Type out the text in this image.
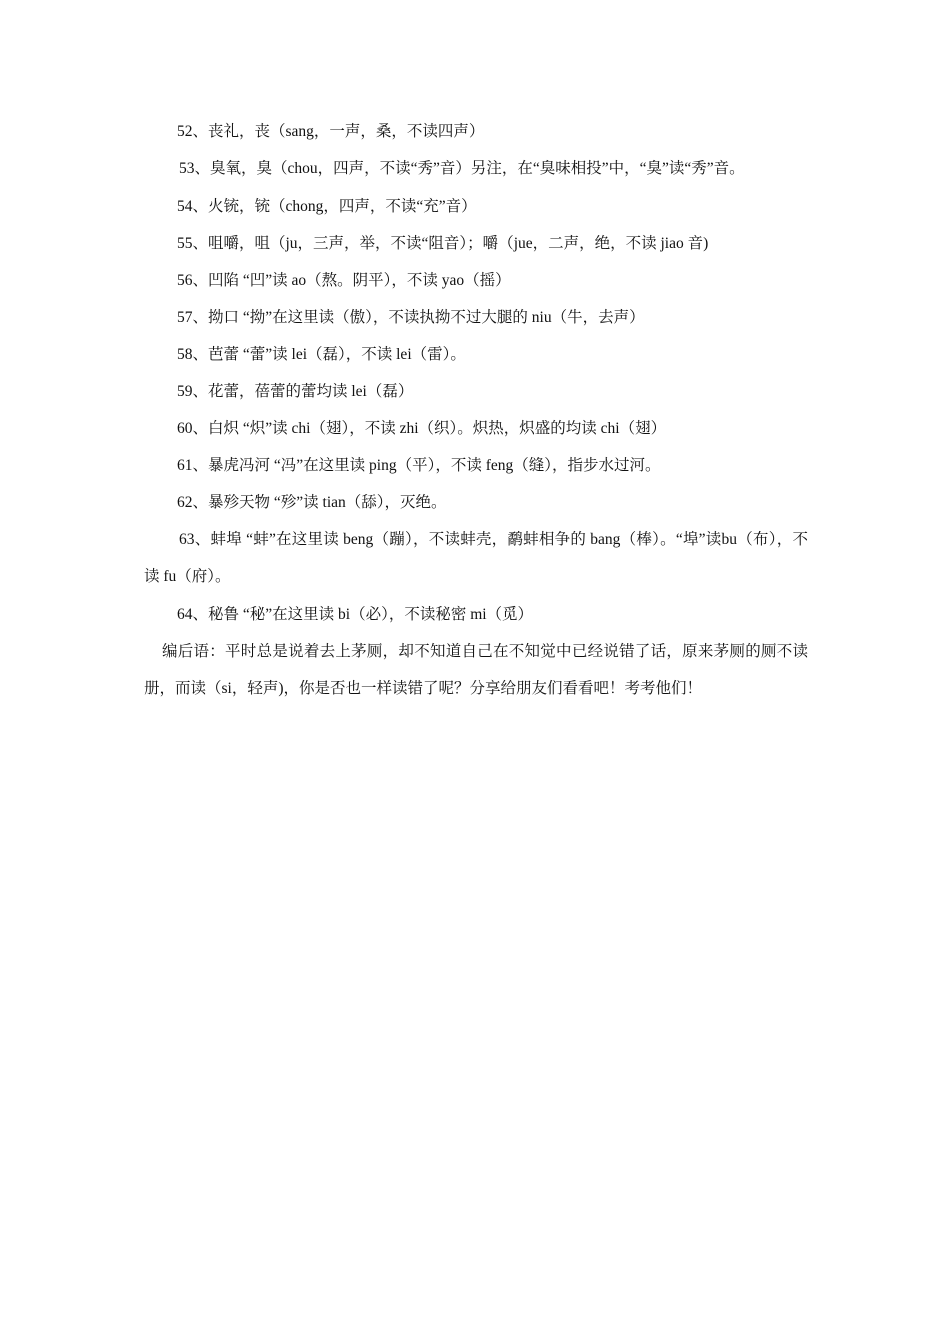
52、丧礼，丧（sang，一声，桑，不读四声）

53、臭氧，臭（chou，四声，不读“秀”音）另注，在“臭味相投”中，“臭”读“秀”音。

54、火铳，铳（chong，四声，不读“充”音）

55、咀嚼，咀（ju，三声，举，不读“阻音）；嚼（jue，二声，绝，不读 jiao 音)

56、凹陷 “凹”读 ao（熬。阴平），不读 yao（摇）

57、拗口 “拗”在这里读（傲），不读执拗不过大腿的 niu（牛，去声）

58、芭蕾 “蕾”读 lei（磊），不读 lei（雷）。

59、花蕾，蓓蕾的蕾均读 lei（磊）

60、白炽 “炽”读 chi（翅），不读 zhi（织）。炽热，炽盛的均读 chi（翅）

61、暴虎冯河 “冯”在这里读 ping（平），不读 feng（缝），指步水过河。

62、暴殄天物 “殄”读 tian（舔），灭绝。

63、蚌埠 “蚌”在这里读 beng（蹦），不读蚌壳，鹬蚌相争的 bang（棒）。“埠”读bu（布），不读 fu（府）。

64、秘鲁 “秘”在这里读 bi（必），不读秘密 mi（觅）

编后语：平时总是说着去上茅厕，却不知道自己在不知觉中已经说错了话，原来茅厕的厕不读册，而读（si，轻声)，你是否也一样读错了呢？分享给朋友们看看吧！考考他们！
